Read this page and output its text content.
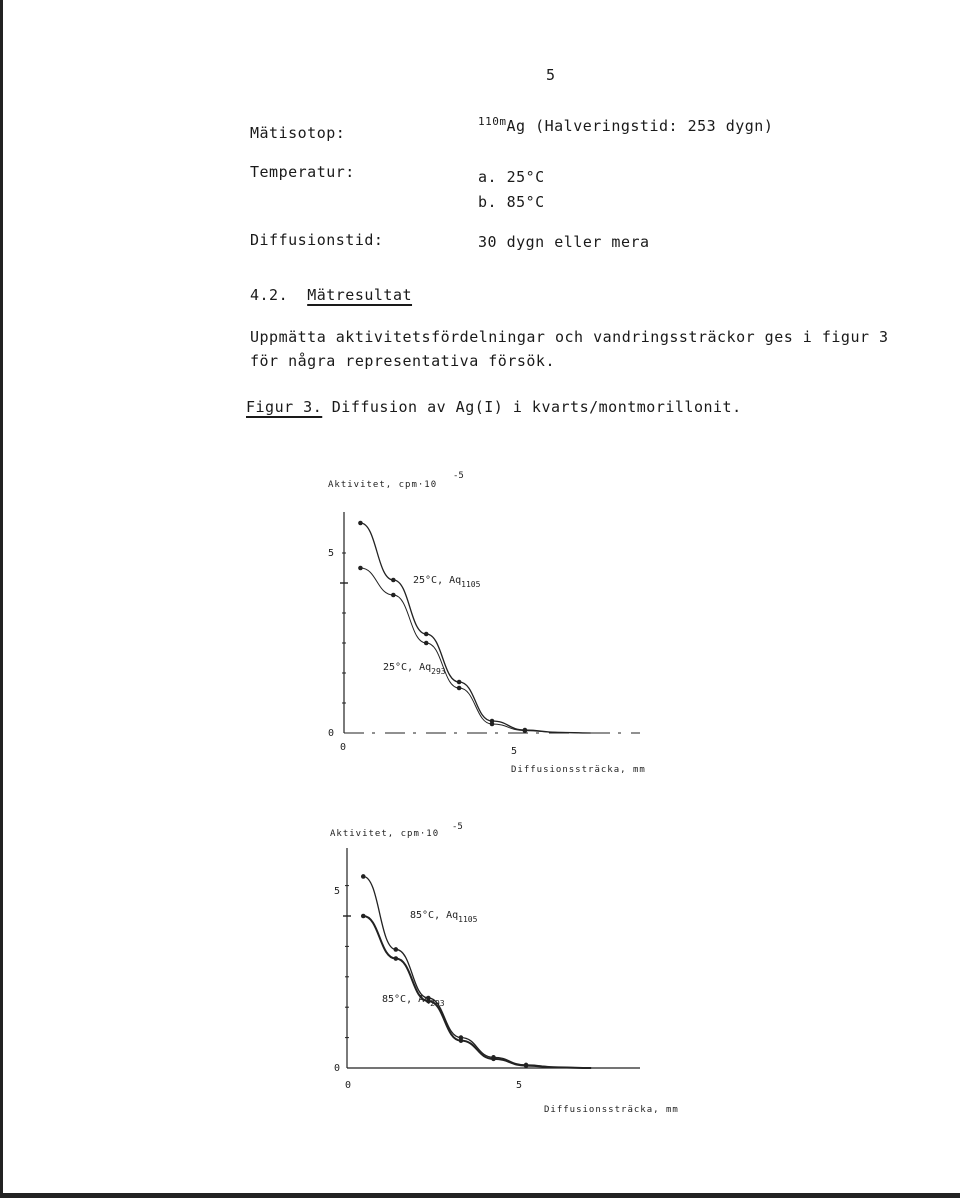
5
Mätisotop:
$^{110m}$Ag (Halveringstid: 253 dygn)
Temperatur:	a. 25°C
b. 85°C
Diffusionstid:	30 dygn eller mera
4.2. Mätresultat
Uppmätta aktivitetsfördelningar och vandringssträckor ges i figur 3
för några representativa försök.
Figur 3. Diffusion av Ag(I) i kvarts/montmorillonit.
Aktivitet, cpm·10
-5
5
0
0	5
Diffusionssträcka, mm
25°C, $Aq_{1105}$
25°C, $Aq_{293}$
Aktivitet, cpm·10
-5
5
0
0	5
Diffusionssträcka, mm
85°C, $Aq_{1105}$
85°C, $Aq_{293}$
